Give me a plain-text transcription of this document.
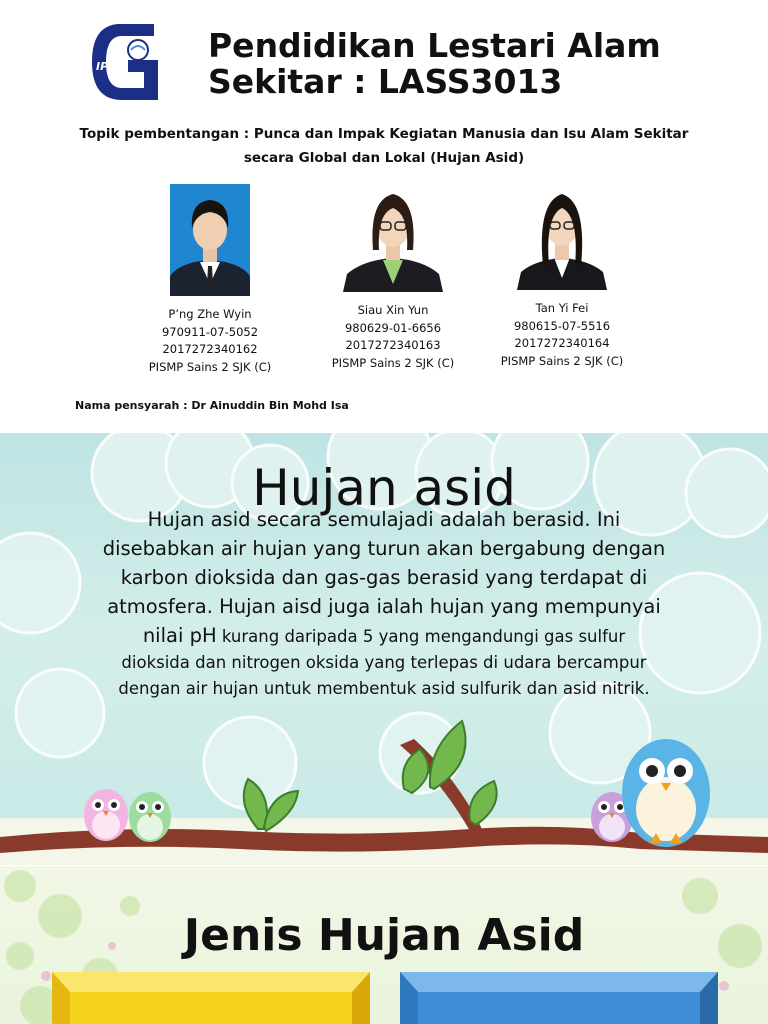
IPG
Pendidikan Lestari Alam
Sekitar : LASS3013
Topik pembentangan : Punca dan Impak Kegiatan Manusia dan Isu Alam Sekitar
secara Global dan Lokal (Hujan Asid)
P’ng Zhe Wyin
970911-07-5052
2017272340162
PISMP Sains 2 SJK (C)
Siau Xin Yun
980629-01-6656
2017272340163
PISMP Sains 2 SJK (C)
Tan Yi Fei
980615-07-5516
2017272340164
PISMP Sains 2 SJK (C)
Nama pensyarah : Dr Ainuddin Bin Mohd Isa
Hujan asid
Hujan asid secara semulajadi adalah berasid. Ini
disebabkan air hujan yang turun akan bergabung dengan
karbon dioksida dan gas-gas berasid yang terdapat di
atmosfera. Hujan aisd juga ialah hujan yang mempunyai
nilai pH kurang daripada 5 yang mengandungi gas sulfur
dioksida dan nitrogen oksida yang terlepas di udara bercampur
dengan air hujan untuk membentuk asid sulfurik dan asid nitrik.
Jenis Hujan Asid
